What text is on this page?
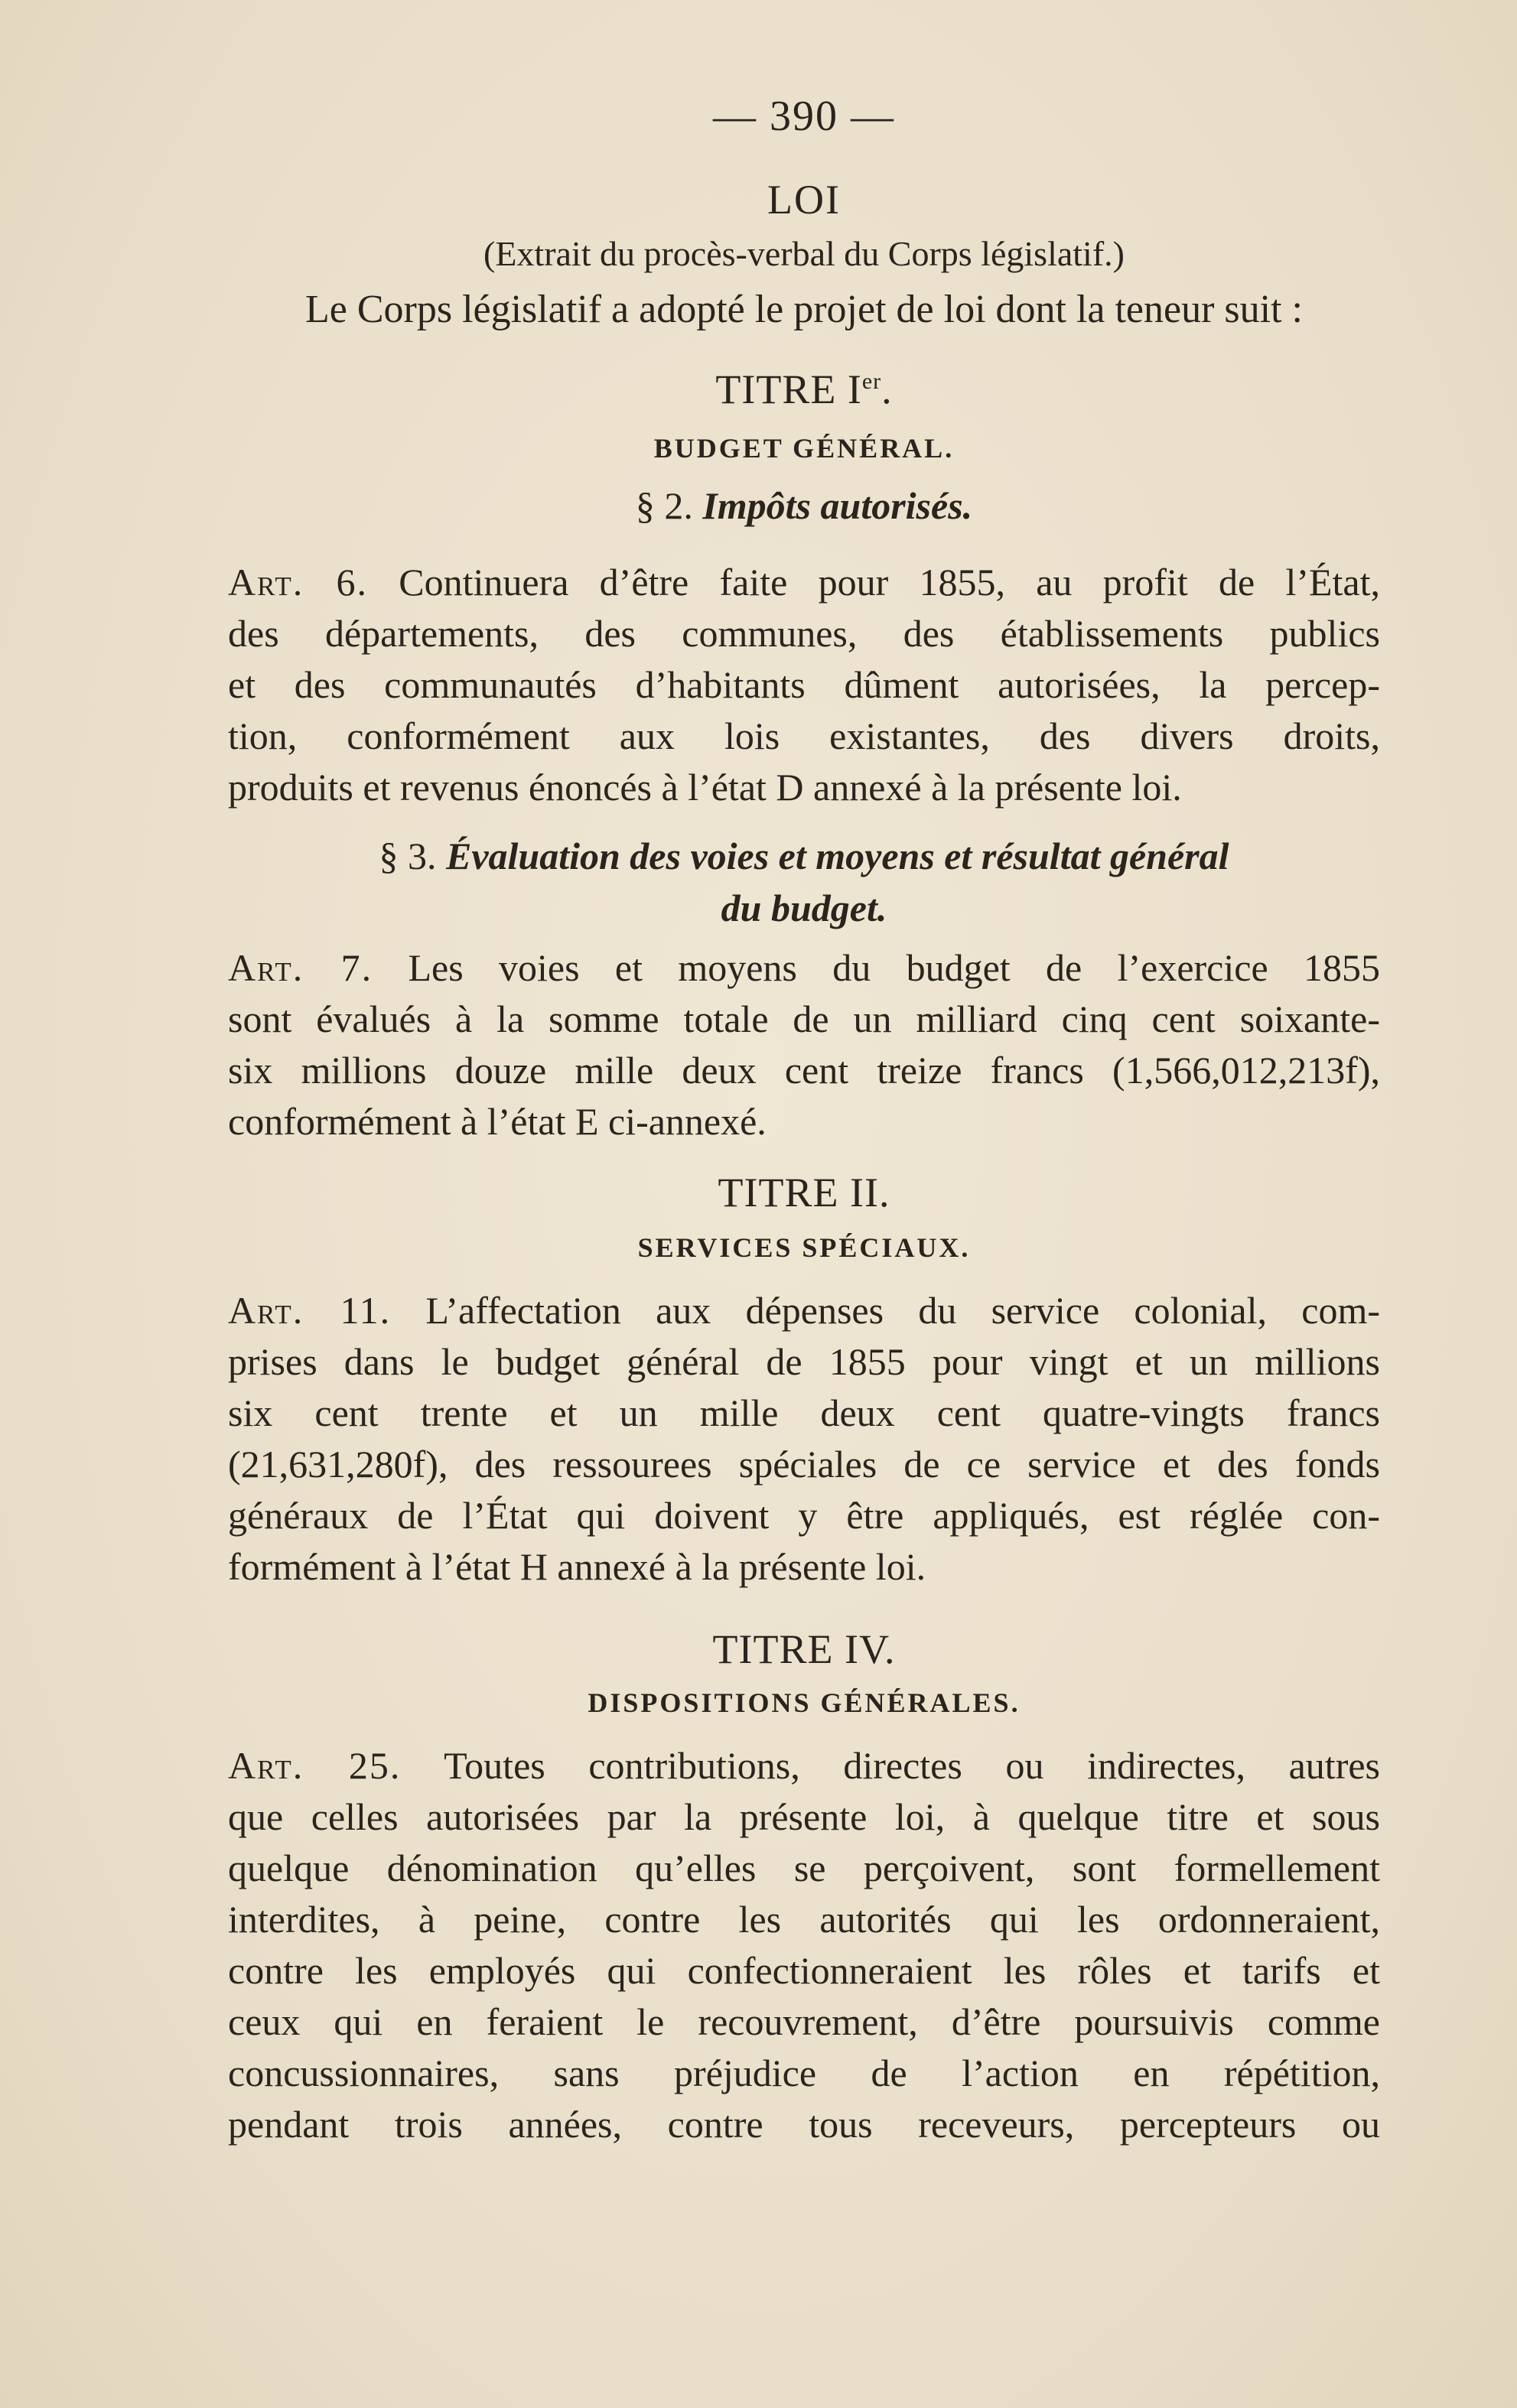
— 390 —
LOI
(Extrait du procès-verbal du Corps législatif.)
Le Corps législatif a adopté le projet de loi dont la teneur suit :
TITRE Ier.
BUDGET GÉNÉRAL.
§ 2. Impôts autorisés.
Art. 6. Continuera d’être faite pour 1855, au profit de l’État,
des départements, des communes, des établissements publics
et des communautés d’habitants dûment autorisées, la percep-
tion, conformément aux lois existantes, des divers droits,
produits et revenus énoncés à l’état D annexé à la présente loi.
§ 3. Évaluation des voies et moyens et résultat général
du budget.
Art. 7. Les voies et moyens du budget de l’exercice 1855
sont évalués à la somme totale de un milliard cinq cent soixante-
six millions douze mille deux cent treize francs (1,566,012,213f),
conformément à l’état E ci-annexé.
TITRE II.
SERVICES SPÉCIAUX.
Art. 11. L’affectation aux dépenses du service colonial, com-
prises dans le budget général de 1855 pour vingt et un millions
six cent trente et un mille deux cent quatre-vingts francs
(21,631,280f), des ressourees spéciales de ce service et des fonds
généraux de l’État qui doivent y être appliqués, est réglée con-
formément à l’état H annexé à la présente loi.
TITRE IV.
DISPOSITIONS GÉNÉRALES.
Art. 25. Toutes contributions, directes ou indirectes, autres
que celles autorisées par la présente loi, à quelque titre et sous
quelque dénomination qu’elles se perçoivent, sont formellement
interdites, à peine, contre les autorités qui les ordonneraient,
contre les employés qui confectionneraient les rôles et tarifs et
ceux qui en feraient le recouvrement, d’être poursuivis comme
concussionnaires, sans préjudice de l’action en répétition,
pendant trois années, contre tous receveurs, percepteurs ou
